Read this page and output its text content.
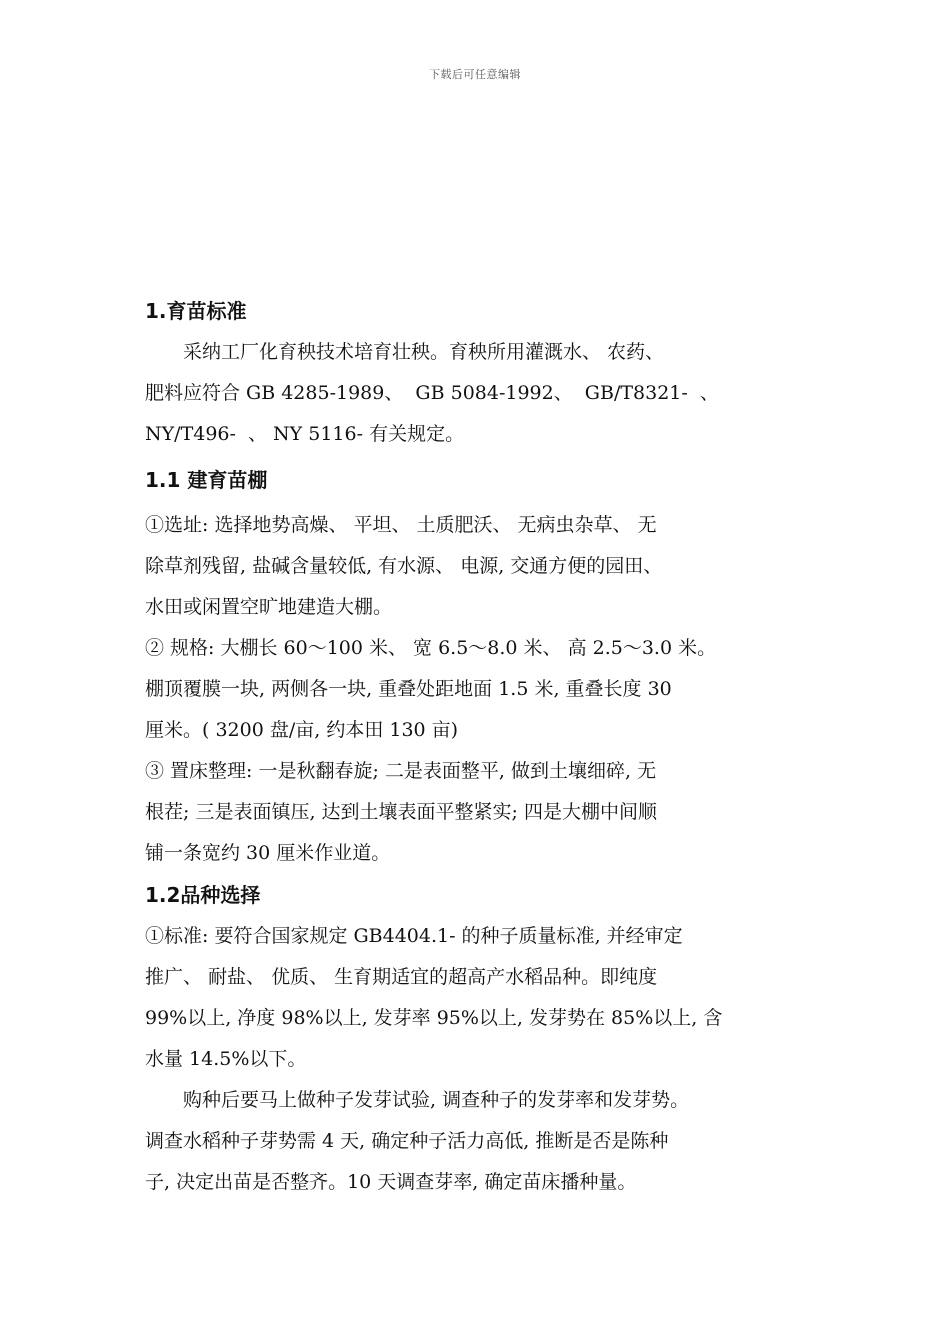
下载后可任意编辑
1.育苗标准

　　采纳工厂化育秧技术培育壮秧。育秧所用灌溉水、 农药、

肥料应符合 GB 4285-1989、  GB 5084-1992、  GB/T8321-  、

NY/T496-  、 NY 5116- 有关规定。

1.1 建育苗棚

①选址: 选择地势高燥、 平坦、 土质肥沃、 无病虫杂草、 无

除草剂残留, 盐碱含量较低, 有水源、 电源, 交通方便的园田、

水田或闲置空旷地建造大棚。

② 规格: 大棚长 60～100 米、 宽 6.5～8.0 米、 高 2.5～3.0 米。

棚顶覆膜一块, 两侧各一块, 重叠处距地面 1.5 米, 重叠长度 30

厘米。( 3200 盘/亩, 约本田 130 亩)

③ 置床整理: 一是秋翻春旋; 二是表面整平, 做到土壤细碎, 无

根茬; 三是表面镇压, 达到土壤表面平整紧实; 四是大棚中间顺

铺一条宽约 30 厘米作业道。

1.2品种选择

①标准: 要符合国家规定 GB4404.1- 的种子质量标准, 并经审定

推广、 耐盐、 优质、 生育期适宜的超高产水稻品种。即纯度

99%以上, 净度 98%以上, 发芽率 95%以上, 发芽势在 85%以上, 含

水量 14.5%以下。

　　购种后要马上做种子发芽试验, 调查种子的发芽率和发芽势。

调查水稻种子芽势需 4 天, 确定种子活力高低, 推断是否是陈种

子, 决定出苗是否整齐。10 天调查芽率, 确定苗床播种量。
